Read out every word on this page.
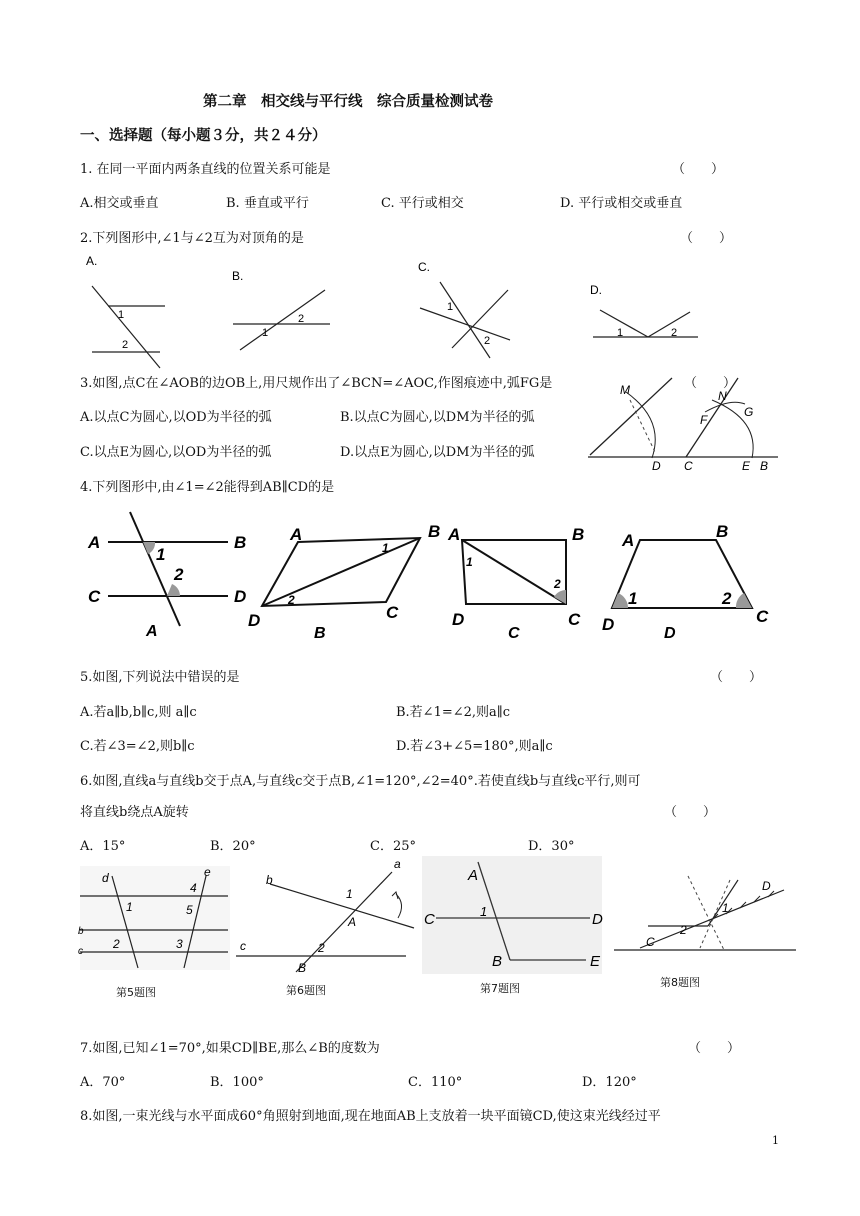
第二章　相交线与平行线　综合质量检测试卷
一、选择题（每小题３分，共２４分）
1. 在同一平面内两条直线的位置关系可能是	（　　）
A.相交或垂直	B. 垂直或平行	C. 平行或相交	D. 平行或相交或垂直
2.下列图形中,∠1与∠2互为对顶角的是	（　　）
A.
1
2
B.
1
2
C.
1
2
D.
1	2
3.如图,点C在∠AOB的边OB上,用尺规作出了∠BCN=∠AOC,作图痕迹中,弧FG是	（　　）
A.以点C为圆心,以OD为半径的弧	B.以点C为圆心,以DM为半径的弧
C.以点E为圆心,以OD为半径的弧	D.以点E为圆心,以DM为半径的弧
M	N
F
G
D C	E B
4.下列图形中,由∠1=∠2能得到AB∥CD的是
A	B
C	D
1
2
A
A	B
C
D
1
2
B
A	B
C
D
1
2
C
A	B
C
D
1	2
D
5.如图,下列说法中错误的是	（　　）
A.若a∥b,b∥c,则 a∥c	B.若∠1=∠2,则a∥c
C.若∠3=∠2,则b∥c	D.若∠3+∠5=180°,则a∥c
6.如图,直线a与直线b交于点A,与直线c交于点B,∠1=120°,∠2=40°.若使直线b与直线c平行,则可
将直线b绕点A旋转	（　　）
A．15°	B．20°	C．25°	D．30°
d	e
1
2	3
4
5
b
c
b
a
c
1
A
2
B
A
C	D
1
B	E
C
D
2
1
第5题图	第6题图	第7题图	第8题图
7.如图,已知∠1=70°,如果CD∥BE,那么∠B的度数为	（　　）
A．70°	B．100°	C．110°	D．120°
8.如图,一束光线与水平面成60°角照射到地面,现在地面AB上支放着一块平面镜CD,使这束光线经过平
1
